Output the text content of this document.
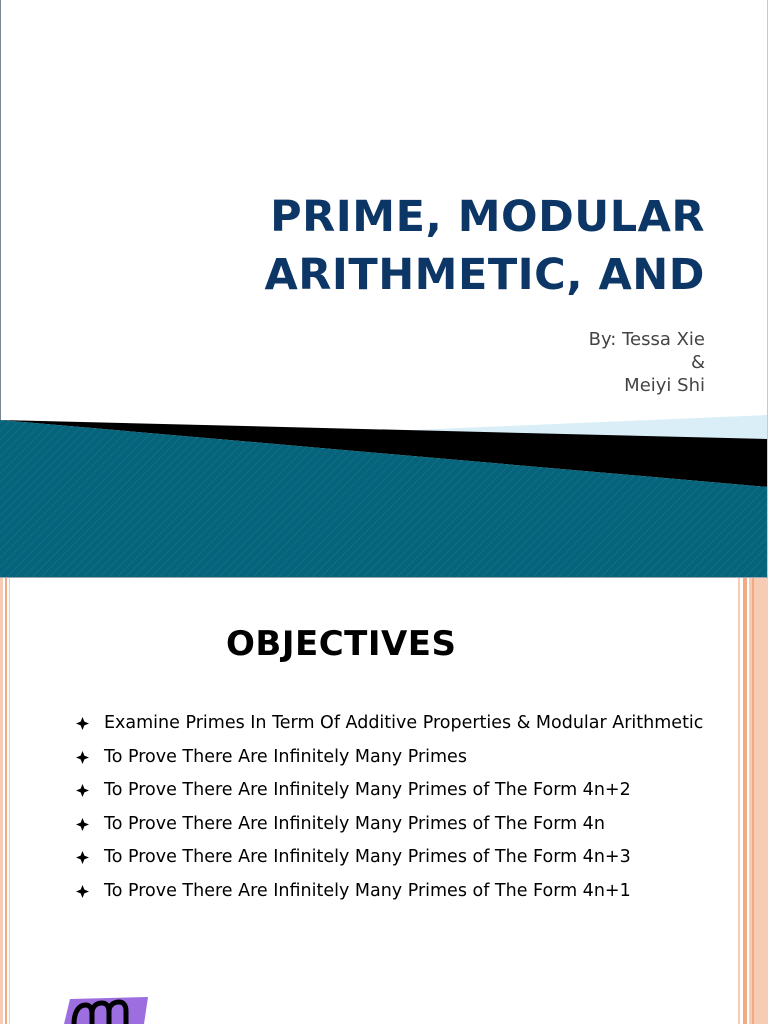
PRIME, MODULAR
ARITHMETIC, AND
By: Tessa Xie
&
Meiyi Shi
OBJECTIVES
Examine Primes In Term Of Additive Properties & Modular Arithmetic
To Prove There Are Infinitely Many Primes
To Prove There Are Infinitely Many Primes of The Form 4n+2
To Prove There Are Infinitely Many Primes of The Form 4n
To Prove There Are Infinitely Many Primes of The Form 4n+3
To Prove There Are Infinitely Many Primes of The Form 4n+1
